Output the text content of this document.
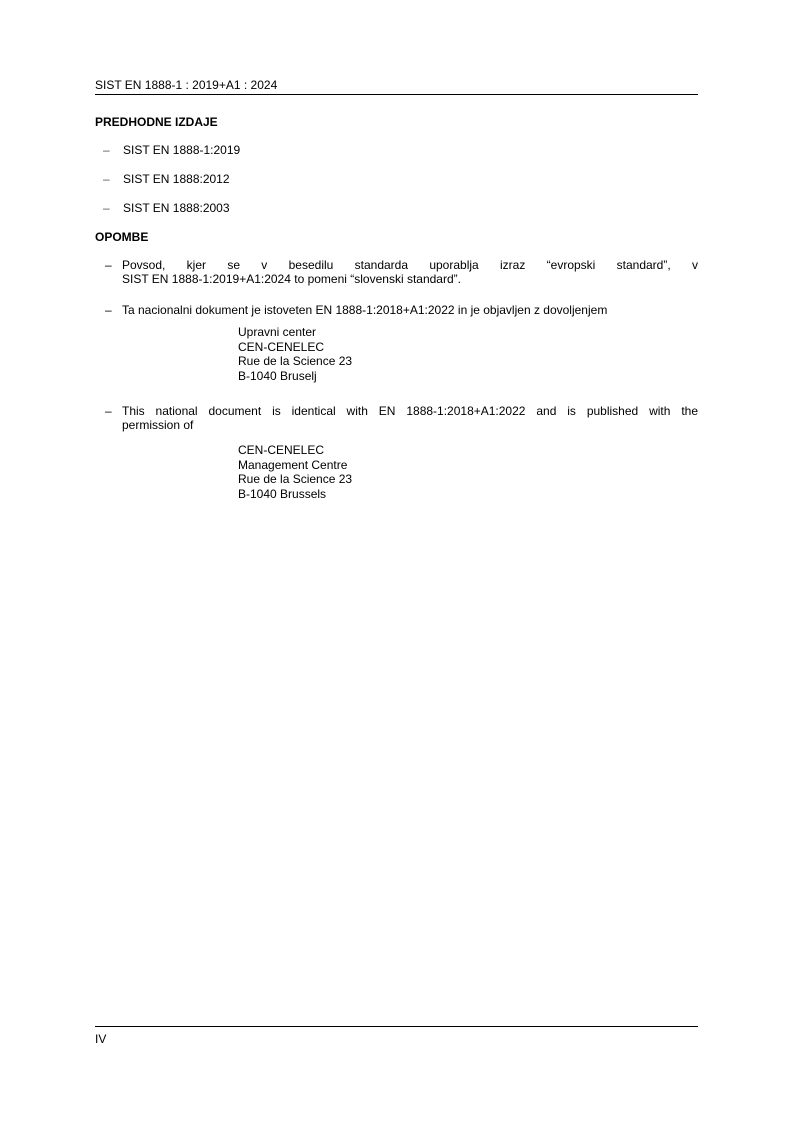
SIST EN 1888-1 : 2019+A1 : 2024
PREDHODNE IZDAJE
– SIST EN 1888-1:2019
– SIST EN 1888:2012
– SIST EN 1888:2003
OPOMBE
– Povsod, kjer se v besedilu standarda uporablja izraz “evropski standard”, v

SIST EN 1888-1:2019+A1:2024 to pomeni “slovenski standard”.

– Ta nacionalni dokument je istoveten EN 1888-1:2018+A1:2022 in je objavljen z dovoljenjem

Upravni center
CEN-CENELEC
Rue de la Science 23
B-1040 Bruselj
– This national document is identical with EN 1888-1:2018+A1:2022 and is published with the

permission of

CEN-CENELEC
Management Centre
Rue de la Science 23
B-1040 Brussels
IV
